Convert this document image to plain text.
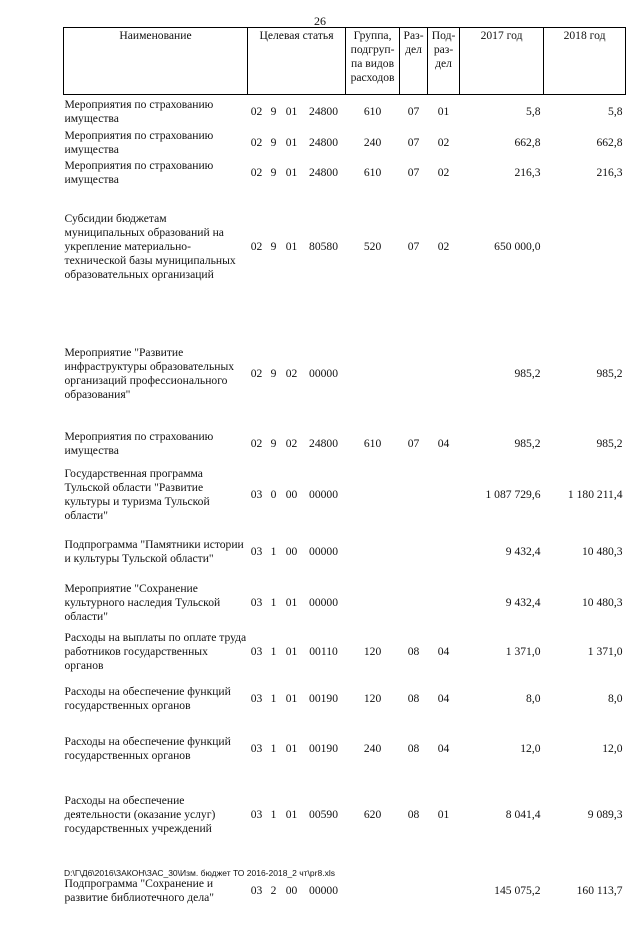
26
Наименование	Целевая статья				Группа, подгруп-па видов расходов	Раз-дел	Под-раз-дел	2017 год	2018 год
Мероприятия по страхованию имущества	02	9	01	24800	610	07	01	5,8	5,8
Мероприятия по страхованию имущества	02	9	01	24800	240	07	02	662,8	662,8
Мероприятия по страхованию имущества	02	9	01	24800	610	07	02	216,3	216,3
Субсидии бюджетам муниципальных образований на укрепление материально-технической базы муниципальных образовательных организаций	02	9	01	80580	520	07	02	650 000,0	
Мероприятие "Развитие инфраструктуры образовательных организаций профессионального образования"	02	9	02	00000				985,2	985,2
Мероприятия по страхованию имущества	02	9	02	24800	610	07	04	985,2	985,2
Государственная программа Тульской области "Развитие культуры и туризма Тульской области"	03	0	00	00000				1 087 729,6	1 180 211,4
Подпрограмма "Памятники истории и культуры Тульской области"	03	1	00	00000				9 432,4	10 480,3
Мероприятие "Сохранение культурного наследия Тульской области"	03	1	01	00000				9 432,4	10 480,3
Расходы на выплаты по оплате труда работников государственных органов	03	1	01	00110	120	08	04	1 371,0	1 371,0
Расходы на обеспечение функций государственных органов	03	1	01	00190	120	08	04	8,0	8,0
Расходы на обеспечение функций государственных органов	03	1	01	00190	240	08	04	12,0	12,0
Расходы на обеспечение деятельности (оказание услуг) государственных учреждений	03	1	01	00590	620	08	01	8 041,4	9 089,3
Подпрограмма "Сохранение и развитие библиотечного дела"	03	2	00	00000				145 075,2	160 113,7
D:\Г\Д6\2016\ЗАКОН\ЗАС_30\Изм. бюджет ТО 2016-2018_2 чт\pr8.xls
